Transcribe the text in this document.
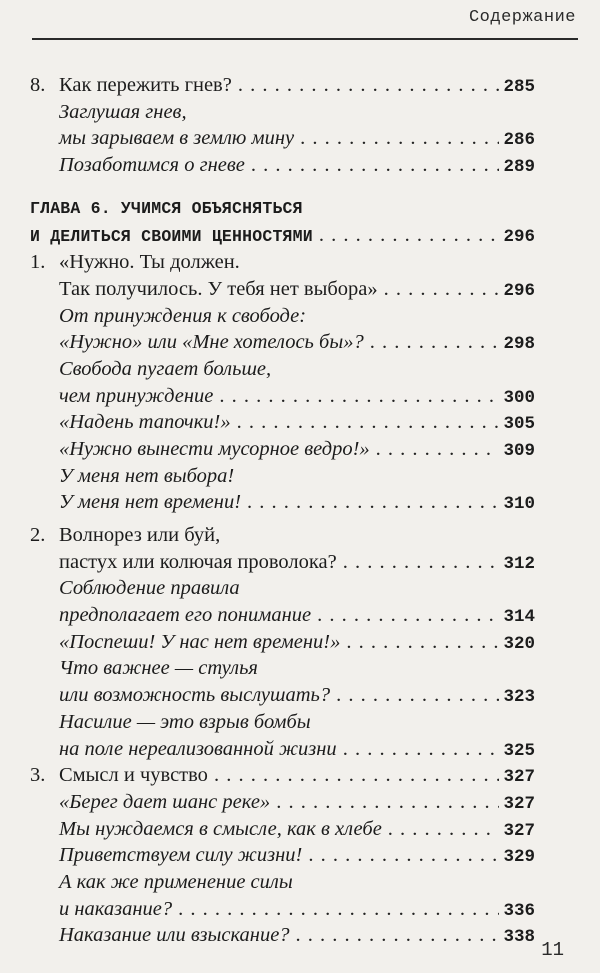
Содержание
8. Как пережить гнев? . . .	285
Заглушая гнев,
мы зарываем в землю мину . . .	286
Позаботимся о гневе . . .	289
ГЛАВА 6. УЧИМСЯ ОБЪЯСНЯТЬСЯ
И ДЕЛИТЬСЯ СВОИМИ ЦЕННОСТЯМИ . . .	296
1. «Нужно. Ты должен.
Так получилось. У тебя нет выбора» . . .	296
От принуждения к свободе:
«Нужно» или «Мне хотелось бы»? . . .	298
Свобода пугает больше,
чем принуждение . . .	300
«Надень тапочки!» . . .	305
«Нужно вынести мусорное ведро!» . . .	309
У меня нет выбора!
У меня нет времени! . . .	310
2. Волнорез или буй,
пастух или колючая проволока? . . .	312
Соблюдение правила
предполагает его понимание . . .	314
«Поспеши! У нас нет времени!» . . .	320
Что важнее — стулья
или возможность выслушать? . . .	323
Насилие — это взрыв бомбы
на поле нереализованной жизни . . .	325
3. Смысл и чувство . . .	327
«Берег дает шанс реке» . . .	327
Мы нуждаемся в смысле, как в хлебе . . .	327
Приветствуем силу жизни! . . .	329
А как же применение силы
и наказание? . . .	336
Наказание или взыскание? . . .	338
11
